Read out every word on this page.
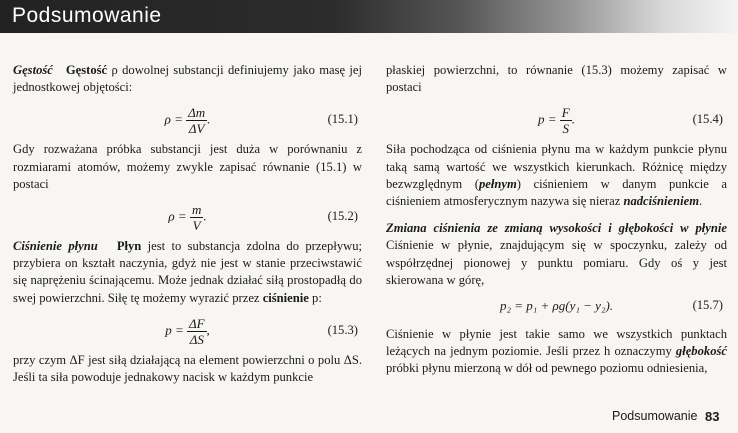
Podsumowanie

Gęstość Gęstość ρ dowolnej substancji definiujemy jako masę jej jednostkowej objętości:

$\rho = \frac{\Delta m}{\Delta V}$ .	(15.1)

Gdy rozważana próbka substancji jest duża w porównaniu z rozmiarami atomów, możemy zwykle zapisać równanie (15.1) w postaci

$\rho = \frac{m}{V}$ .	(15.2)

Ciśnienie płynu Płyn jest to substancja zdolna do przepływu; przybiera on kształt naczynia, gdyż nie jest w stanie przeciwstawić się naprężeniu ścinającemu. Może jednak działać siłą prostopadłą do swej powierzchni. Siłę tę możemy wyrazić przez ciśnienie p:

$p = \frac{\Delta F}{\Delta S}$ ,	(15.3)

przy czym ΔF jest siłą działającą na element powierzchni o polu ΔS. Jeśli ta siła powoduje jednakowy nacisk w każdym punkcie

płaskiej powierzchni, to równanie (15.3) możemy zapisać w postaci

$p = \frac{F}{S}$ .	(15.4)

Siła pochodząca od ciśnienia płynu ma w każdym punkcie płynu taką samą wartość we wszystkich kierunkach. Różnicę między bezwzględnym (pełnym) ciśnieniem w danym punkcie a ciśnieniem atmosferycznym nazywa się nieraz nadciśnieniem.

Zmiana ciśnienia ze zmianą wysokości i głębokości w płynie Ciśnienie w płynie, znajdującym się w spoczynku, zależy od współrzędnej pionowej y punktu pomiaru. Gdy oś y jest skierowana w górę,

p₂ = p₁ + ρg(y₁ − y₂).	(15.7)

Ciśnienie w płynie jest takie samo we wszystkich punktach leżących na jednym poziomie. Jeśli przez h oznaczymy głębokość próbki płynu mierzoną w dół od pewnego poziomu odniesienia,

Podsumowanie 83
